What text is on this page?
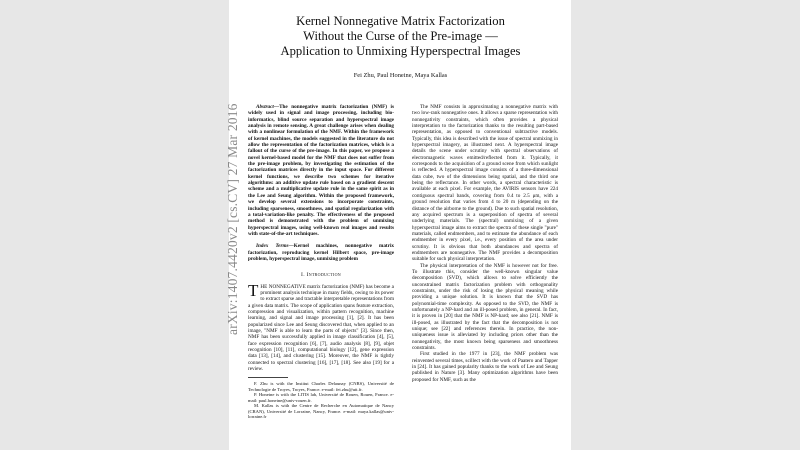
arXiv:1407.4420v2 [cs.CV] 27 Mar 2016
Kernel Nonnegative Matrix Factorization
Without the Curse of the Pre-image —
Application to Unmixing Hyperspectral Images
Fei Zhu, Paul Honeine, Maya Kallas

Abstract—The nonnegative matrix factorization (NMF) is widely used in signal and image processing, including bio-informatics, blind source separation and hyperspectral image analysis in remote sensing. A great challenge arises when dealing with a nonlinear formulation of the NMF. Within the framework of kernel machines, the models suggested in the literature do not allow the representation of the factorization matrices, which is a fallout of the curse of the pre-image. In this paper, we propose a novel kernel-based model for the NMF that does not suffer from the pre-image problem, by investigating the estimation of the factorization matrices directly in the input space. For different kernel functions, we describe two schemes for iterative algorithms: an additive update rule based on a gradient descent scheme and a multiplicative update rule in the same spirit as in the Lee and Seung algorithm. Within the proposed framework, we develop several extensions to incorporate constraints, including sparseness, smoothness, and spatial regularization with a total-variation-like penalty. The effectiveness of the proposed method is demonstrated with the problem of unmixing hyperspectral images, using well-known real images and results with state-of-the-art techniques.

Index Terms—Kernel machines, nonnegative matrix factorization, reproducing kernel Hilbert space, pre-image problem, hyperspectral image, unmixing problem

I. Introduction

THE NONNEGATIVE matrix factorization (NMF) has become a prominent analysis technique in many fields, owing to its power to extract sparse and tractable interpretable representations from a given data matrix. The scope of application spans feature extraction, compression and visualization, within pattern recognition, machine learning, and signal and image processing [1], [2]. It has been popularized since Lee and Seung discovered that, when applied to an image, "NMF is able to learn the parts of objects" [3]. Since then, NMF has been successfully applied in image classification [4], [5], face expression recognition [6], [7], audio analysis [8], [9], objet recognition [10], [11], computational biology [12], gene expression data [13], [14], and clustering [15]. Moreover, the NMF is tightly connected to spectral clustering [16], [17], [18]. See also [19] for a review.

F. Zhu is with the Institut Charles Delaunay (CNRS), Université de Technologie de Troyes, Troyes, France. e-mail: fei.zhu@utt.fr.

P. Honeine is with the LITIS lab, Université de Rouen, Rouen, France. e-mail: paul.honeine@univ-rouen.fr.

M. Kallas is with the Centre de Recherche en Automatique de Nancy (CRAN), Université de Lorraine, Nancy, France. e-mail: maya.kallas@univ-lorraine.fr

The NMF consists in approximating a nonnegative matrix with two low-rank nonnegative ones. It allows a sparse representation with nonnegativity constraints, which often provides a physical interpretation to the factorization thanks to the resulting part-based representation, as opposed to conventional subtractive models. Typically, this idea is described with the issue of spectral unmixing in hyperspectral imagery, as illustrated next. A hyperspectral image details the scene under scrutiny with spectral observations of electromagnetic waves emitted/reflected from it. Typically, it corresponds to the acquisition of a ground scene from which sunlight is reflected. A hyperspectral image consists of a three-dimensional data cube, two of the dimensions being spatial, and the third one being the reflectance. In other words, a spectral characteristic is available at each pixel. For example, the AVIRIS sensors have 224 contiguous spectral bands, covering from 0.4 to 2.5 μm, with a ground resolution that varies from 4 to 20 m (depending on the distance of the airborne to the ground). Due to such spatial resolution, any acquired spectrum is a superposition of spectra of several underlying materials. The (spectral) unmixing of a given hyperspectral image aims to extract the spectra of these single "pure" materials, called endmembers, and to estimate the abundance of each endmember in every pixel, i.e., every position of the area under scrutiny. It is obvious that both abundances and spectra of endmembers are nonnegative. The NMF provides a decomposition suitable for such physical interpretation.

The physical interpretation of the NMF is however not for free. To illustrate this, consider the well-known singular value decomposition (SVD), which allows to solve efficiently the unconstrained matrix factorization problem with orthogonality constraints, under the risk of losing the physical meaning while providing a unique solution. It is known that the SVD has polynomial-time complexity. As opposed to the SVD, the NMF is unfortunately a NP-hard and an ill-posed problem, in general. In fact, it is proven in [20] that the NMF is NP-hard; see also [21]. NMF is ill-posed, as illustrated by the fact that the decomposition is not unique; see [22] and references therein. In practice, the non-uniqueness issue is alleviated by including priors other than the nonnegativity, the most known being sparseness and smoothness constraints.

First studied in the 1977 in [23], the NMF problem was reinvented several times, scillect with the work of Paatero and Tapper in [24]. It has gained popularity thanks to the work of Lee and Seung published in Nature [3]. Many optimization algorithms have been proposed for NMF, such as the
